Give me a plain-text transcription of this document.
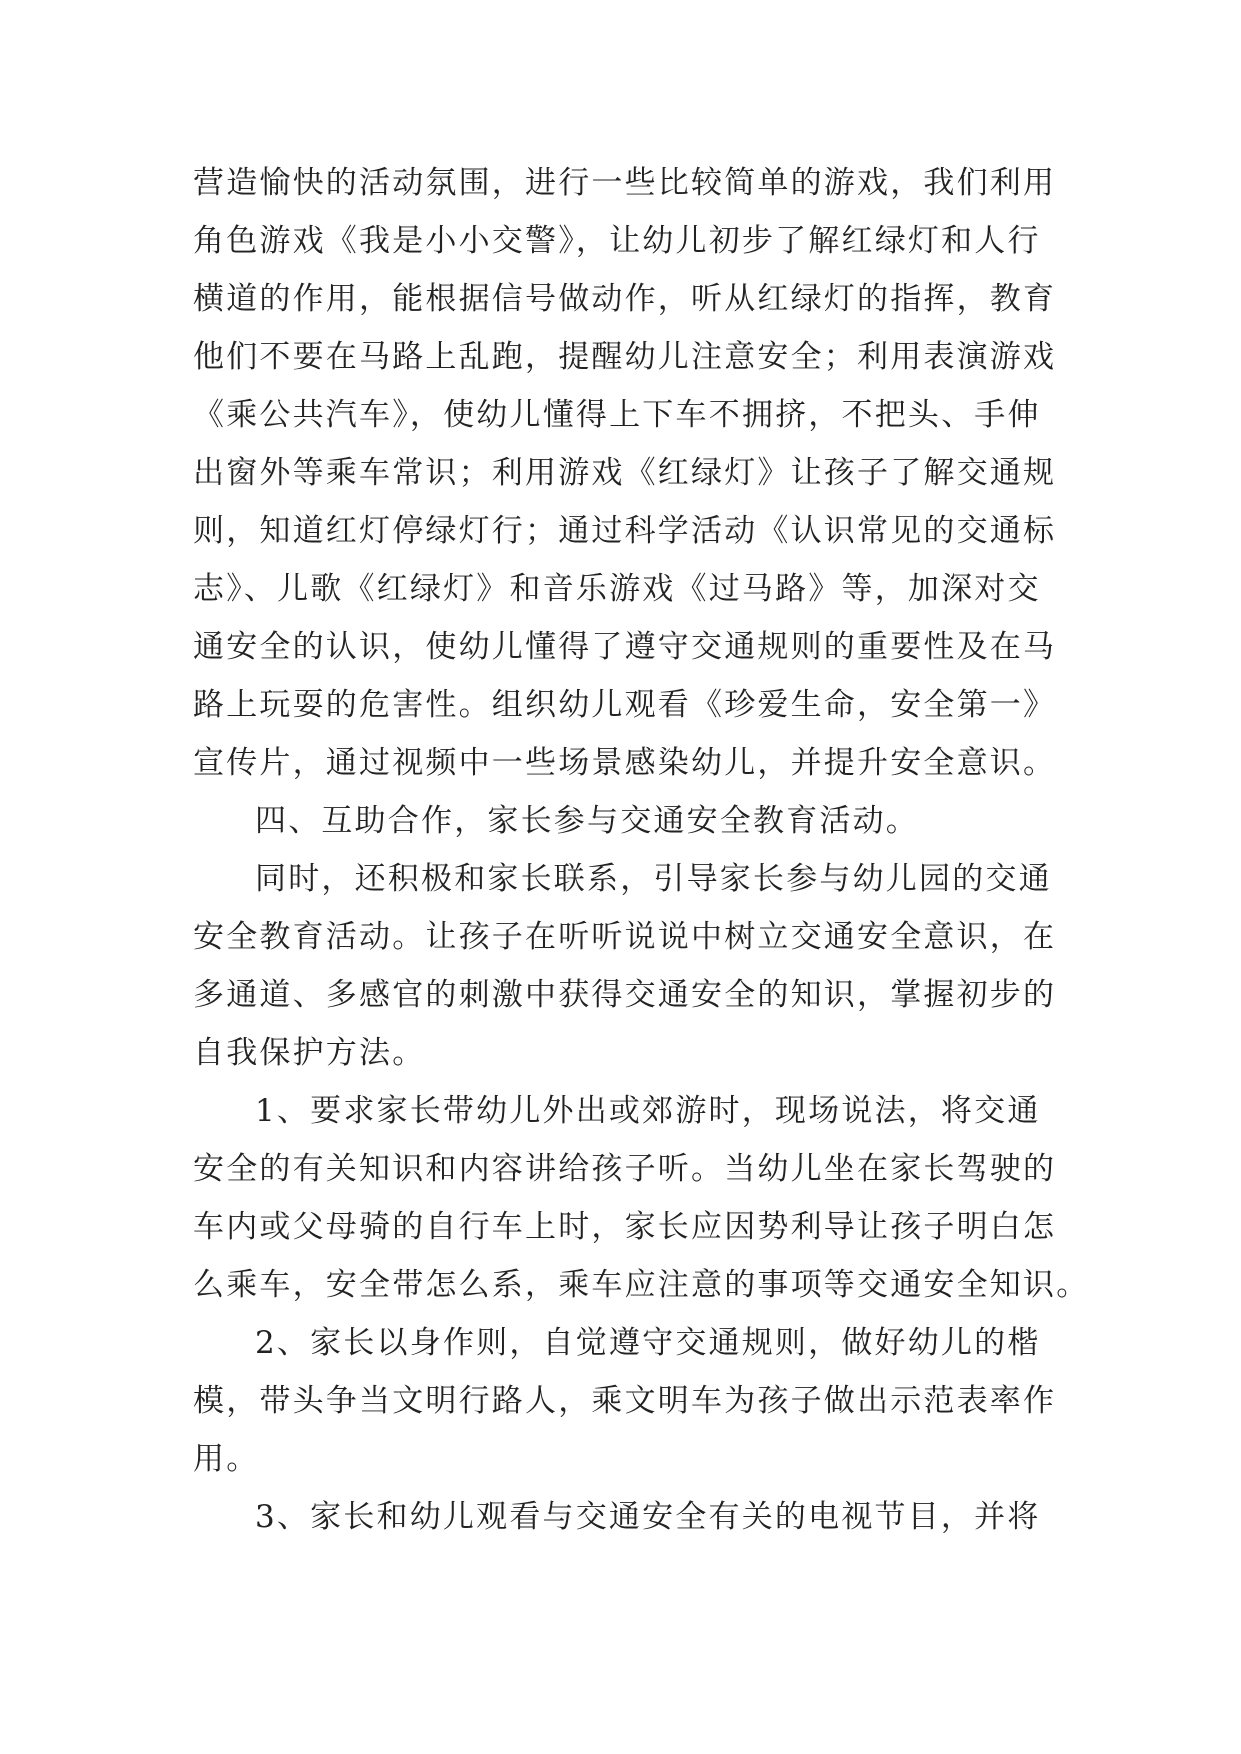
营造愉快的活动氛围，进行一些比较简单的游戏，我们利用
角色游戏《我是小小交警》，让幼儿初步了解红绿灯和人行
横道的作用，能根据信号做动作，听从红绿灯的指挥，教育
他们不要在马路上乱跑，提醒幼儿注意安全；利用表演游戏
《乘公共汽车》，使幼儿懂得上下车不拥挤，不把头、手伸
出窗外等乘车常识；利用游戏《红绿灯》让孩子了解交通规
则，知道红灯停绿灯行；通过科学活动《认识常见的交通标
志》、儿歌《红绿灯》和音乐游戏《过马路》等，加深对交
通安全的认识，使幼儿懂得了遵守交通规则的重要性及在马
路上玩耍的危害性。组织幼儿观看《珍爱生命，安全第一》
宣传片，通过视频中一些场景感染幼儿，并提升安全意识。
四、互助合作，家长参与交通安全教育活动。
同时，还积极和家长联系，引导家长参与幼儿园的交通
安全教育活动。让孩子在听听说说中树立交通安全意识，在
多通道、多感官的刺激中获得交通安全的知识，掌握初步的
自我保护方法。
1、要求家长带幼儿外出或郊游时，现场说法，将交通
安全的有关知识和内容讲给孩子听。当幼儿坐在家长驾驶的
车内或父母骑的自行车上时，家长应因势利导让孩子明白怎
么乘车，安全带怎么系，乘车应注意的事项等交通安全知识。
2、家长以身作则，自觉遵守交通规则，做好幼儿的楷
模，带头争当文明行路人，乘文明车为孩子做出示范表率作
用。
3、家长和幼儿观看与交通安全有关的电视节目，并将
